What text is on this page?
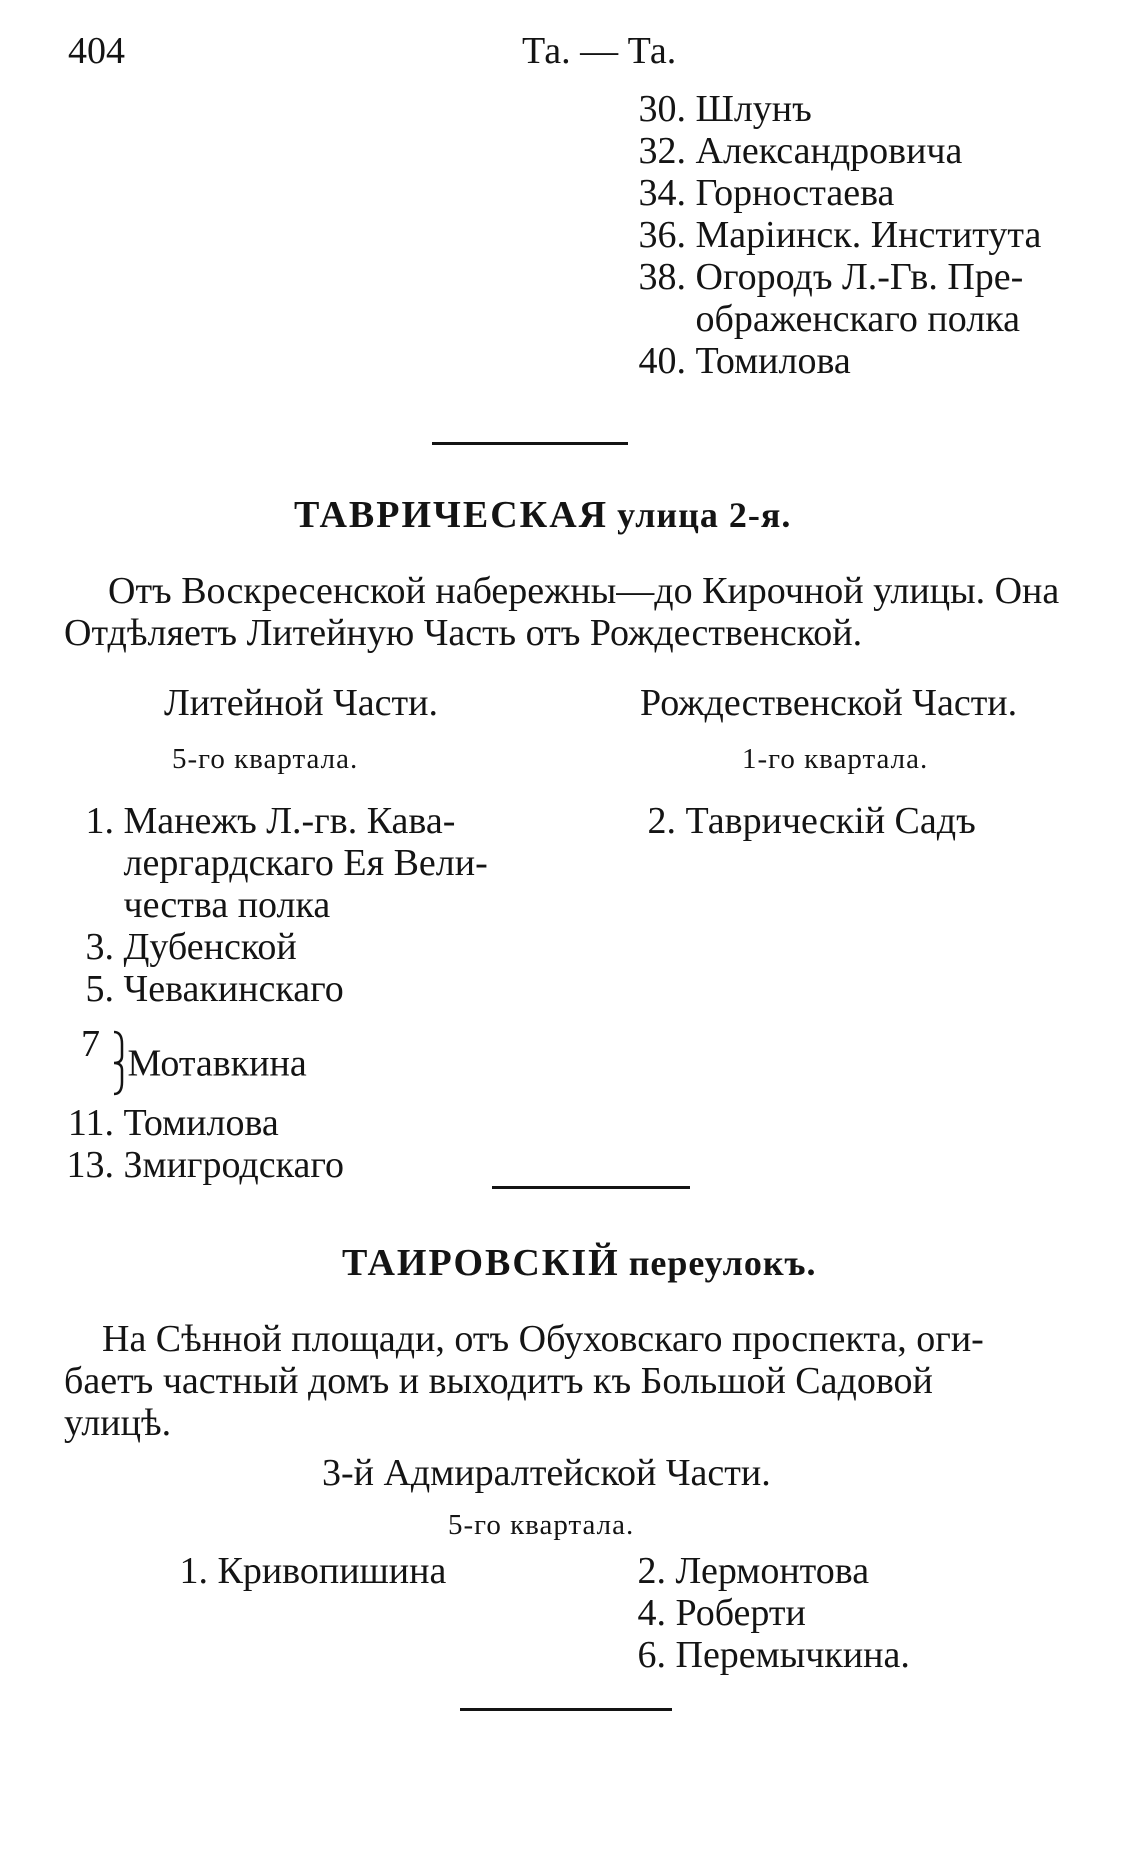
404	Та. — Та.
30. Шлунъ
32. Александровича
34. Горностаева
36. Маріинск. Института
38. Огородъ Л.-Гв. Пре-
ображенскаго полка
40. Томилова
ТАВРИЧЕСКАЯ улица 2-я.
Отъ Воскресенской набережны—до Кирочной улицы. Она
Отдѣляетъ Литейную Часть отъ Рождественской.
Литейной Части.
5-го квартала.
Рождественской Части.
1-го квартала.
1. Манежъ Л.-гв. Кава-
лергардскаго Ея Вели-
чества полка
3. Дубенской
5. Чевакинскаго
7 Мотавкина
11. Томилова
13. Змигродскаго
2. Таврическій Садъ
ТАИРОВСКІЙ переулокъ.
На Сѣнной площади, отъ Обуховскаго проспекта, оги-
баетъ частный домъ и выходитъ къ Большой Садовой
улицѣ.
3-й Адмиралтейской Части.
5-го квартала.
1. Кривопишина	2. Лермонтова
4. Роберти
6. Перемычкина.
